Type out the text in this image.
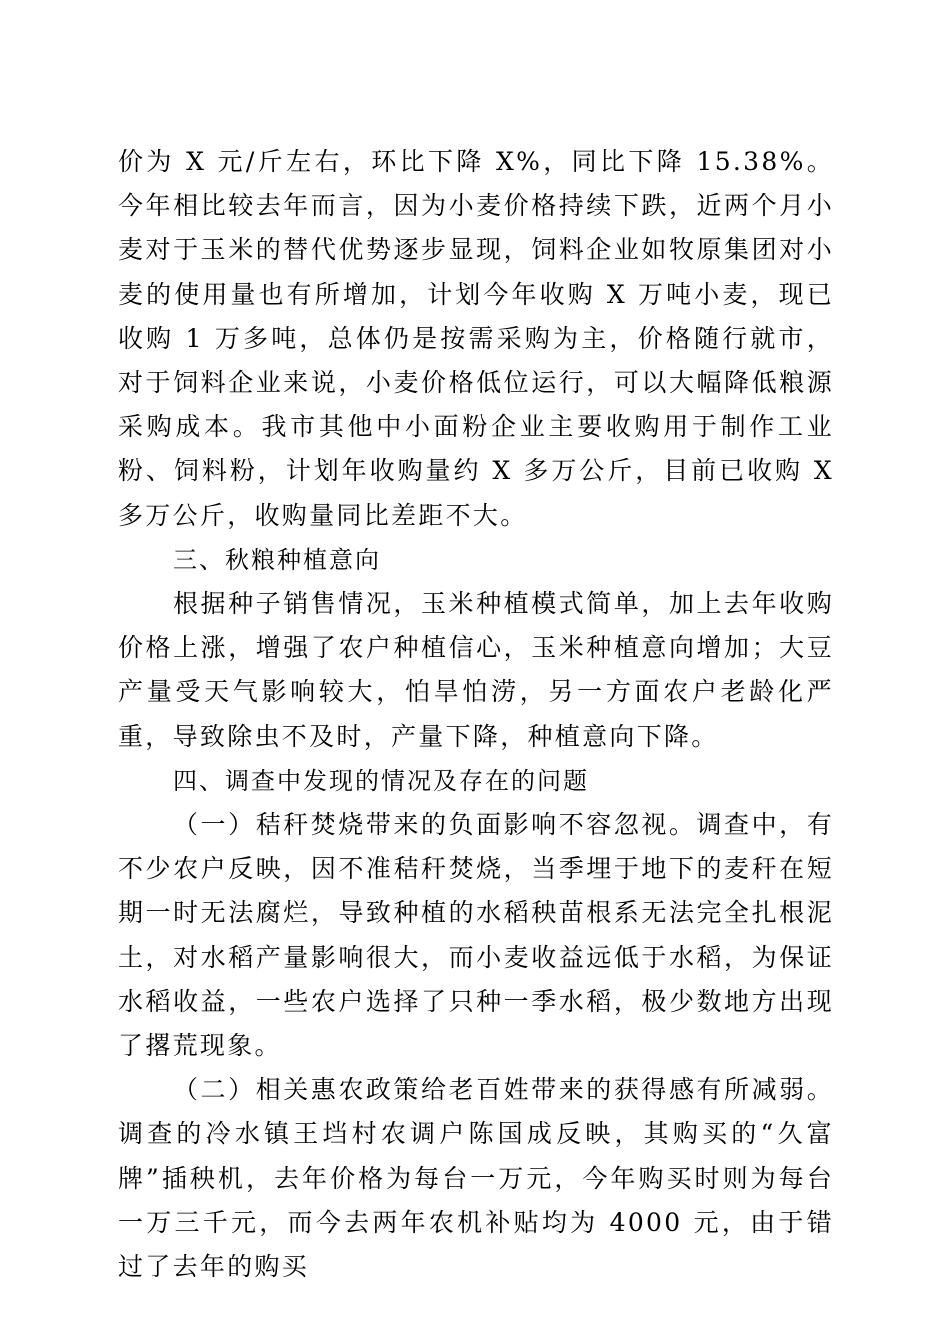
价为 X 元/斤左右，环比下降 X%，同比下降 15.38%。今年相比较去年而言，因为小麦价格持续下跌，近两个月小麦对于玉米的替代优势逐步显现，饲料企业如牧原集团对小麦的使用量也有所增加，计划今年收购 X 万吨小麦，现已收购 1 万多吨，总体仍是按需采购为主，价格随行就市，对于饲料企业来说，小麦价格低位运行，可以大幅降低粮源采购成本。我市其他中小面粉企业主要收购用于制作工业粉、饲料粉，计划年收购量约 X 多万公斤，目前已收购 X 多万公斤，收购量同比差距不大。

三、秋粮种植意向

根据种子销售情况，玉米种植模式简单，加上去年收购价格上涨，增强了农户种植信心，玉米种植意向增加；大豆产量受天气影响较大，怕旱怕涝，另一方面农户老龄化严重，导致除虫不及时，产量下降，种植意向下降。

四、调查中发现的情况及存在的问题

（一）秸秆焚烧带来的负面影响不容忽视。调查中，有不少农户反映，因不准秸秆焚烧，当季埋于地下的麦秆在短期一时无法腐烂，导致种植的水稻秧苗根系无法完全扎根泥土，对水稻产量影响很大，而小麦收益远低于水稻，为保证水稻收益，一些农户选择了只种一季水稻，极少数地方出现了撂荒现象。

（二）相关惠农政策给老百姓带来的获得感有所减弱。调查的冷水镇王垱村农调户陈国成反映，其购买的“久富牌”插秧机，去年价格为每台一万元，今年购买时则为每台一万三千元，而今去两年农机补贴均为 4000 元，由于错过了去年的购买
